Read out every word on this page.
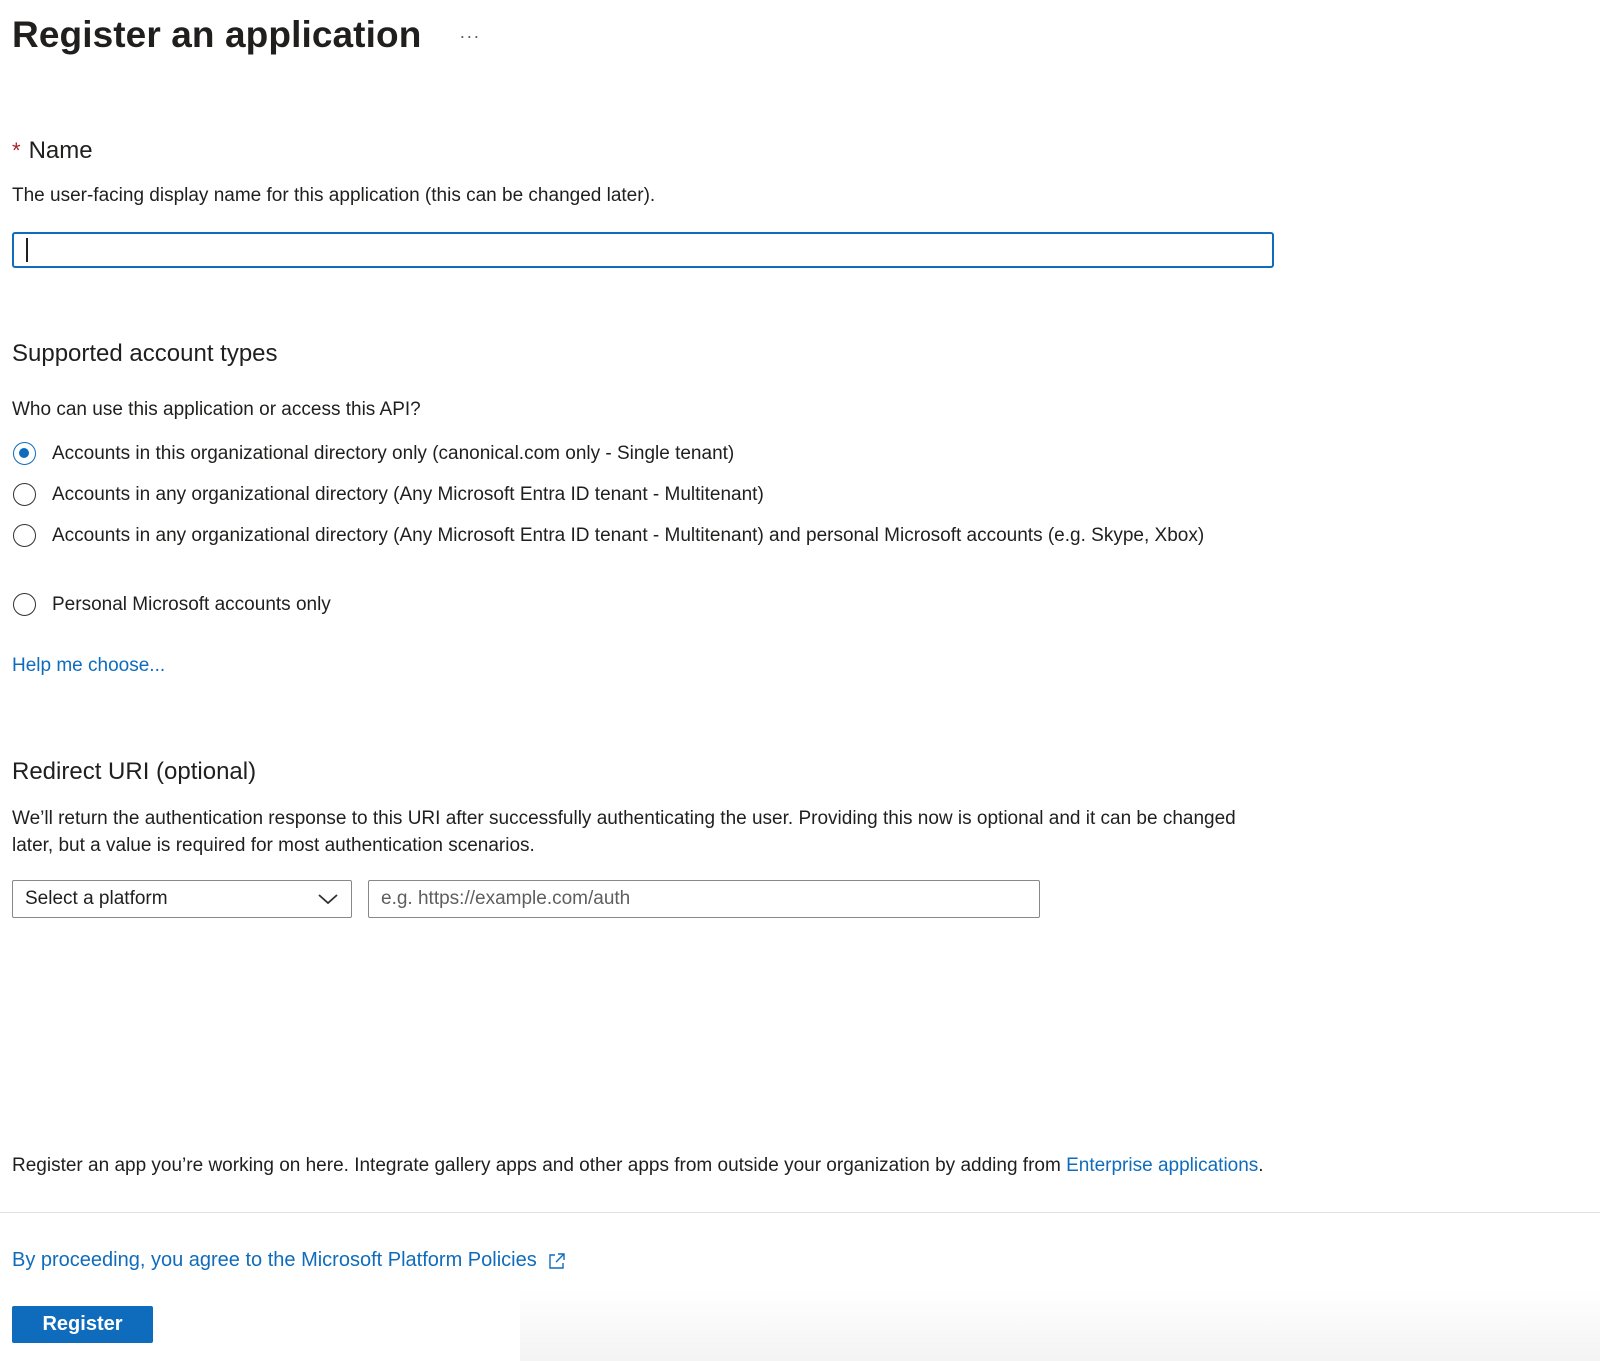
Register an application ···
* Name
The user-facing display name for this application (this can be changed later).
Supported account types
Who can use this application or access this API?
Accounts in this organizational directory only (canonical.com only - Single tenant)
Accounts in any organizational directory (Any Microsoft Entra ID tenant - Multitenant)
Accounts in any organizational directory (Any Microsoft Entra ID tenant - Multitenant) and personal Microsoft accounts (e.g. Skype, Xbox)
Personal Microsoft accounts only
Help me choose...
Redirect URI (optional)
We’ll return the authentication response to this URI after successfully authenticating the user. Providing this now is optional and it can be changed later, but a value is required for most authentication scenarios.
Select a platform
e.g. https://example.com/auth
Register an app you’re working on here. Integrate gallery apps and other apps from outside your organization by adding from Enterprise applications.
By proceeding, you agree to the Microsoft Platform Policies
Register
